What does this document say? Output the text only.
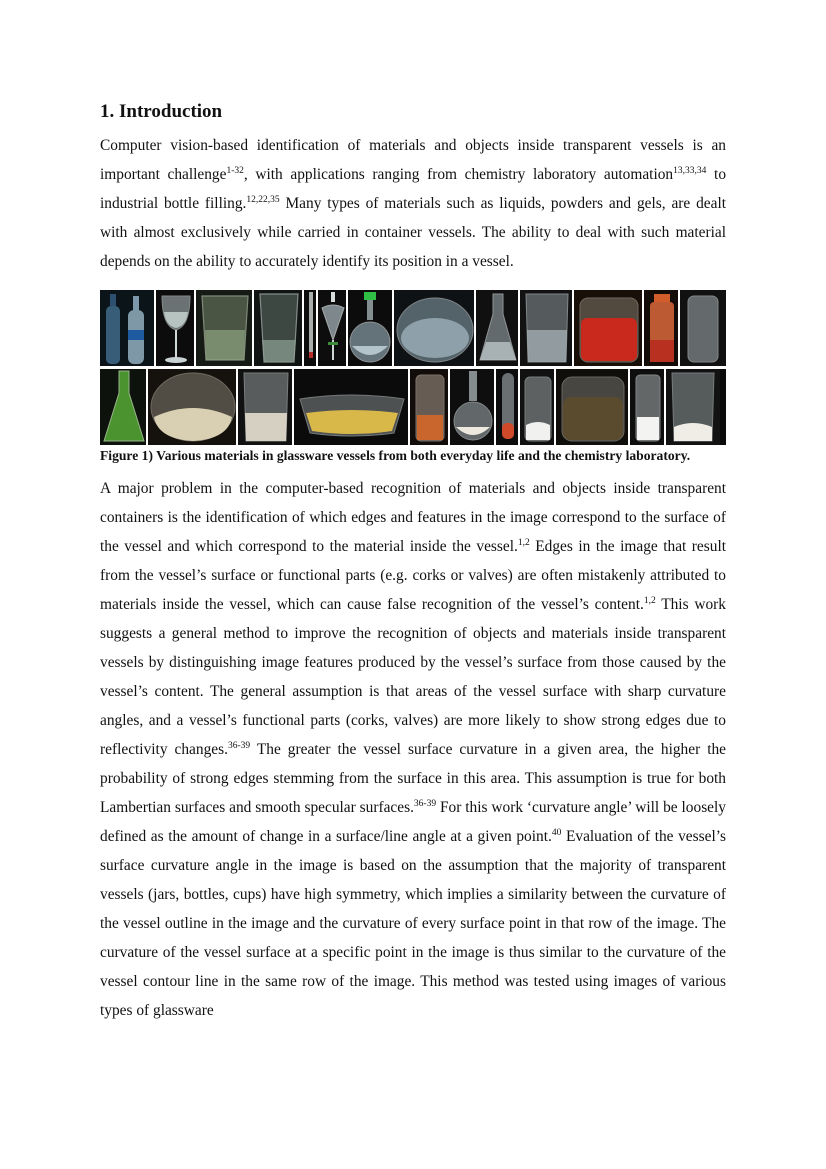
1. Introduction

Computer vision-based identification of materials and objects inside transparent vessels is an important challenge$^{1-32}$, with applications ranging from chemistry laboratory automation$^{13,33,34}$ to industrial bottle filling.$^{12,22,35}$ Many types of materials such as liquids, powders and gels, are dealt with almost exclusively while carried in container vessels. The ability to deal with such material depends on the ability to accurately identify its position in a vessel.

Figure 1) Various materials in glassware vessels from both everyday life and the chemistry laboratory.

A major problem in the computer-based recognition of materials and objects inside transparent containers is the identification of which edges and features in the image correspond to the surface of the vessel and which correspond to the material inside the vessel.$^{1,2}$ Edges in the image that result from the vessel’s surface or functional parts (e.g. corks or valves) are often mistakenly attributed to materials inside the vessel, which can cause false recognition of the vessel’s content.$^{1,2}$ This work suggests a general method to improve the recognition of objects and materials inside transparent vessels by distinguishing image features produced by the vessel’s surface from those caused by the vessel’s content. The general assumption is that areas of the vessel surface with sharp curvature angles, and a vessel’s functional parts (corks, valves) are more likely to show strong edges due to reflectivity changes.$^{36-39}$ The greater the vessel surface curvature in a given area, the higher the probability of strong edges stemming from the surface in this area. This assumption is true for both Lambertian surfaces and smooth specular surfaces.$^{36-39}$ For this work ‘curvature angle’ will be loosely defined as the amount of change in a surface/line angle at a given point.$^{40}$ Evaluation of the vessel’s surface curvature angle in the image is based on the assumption that the majority of transparent vessels (jars, bottles, cups) have high symmetry, which implies a similarity between the curvature of the vessel outline in the image and the curvature of every surface point in that row of the image. The curvature of the vessel surface at a specific point in the image is thus similar to the curvature of the vessel contour line in the same row of the image. This method was tested using images of various types of glassware
